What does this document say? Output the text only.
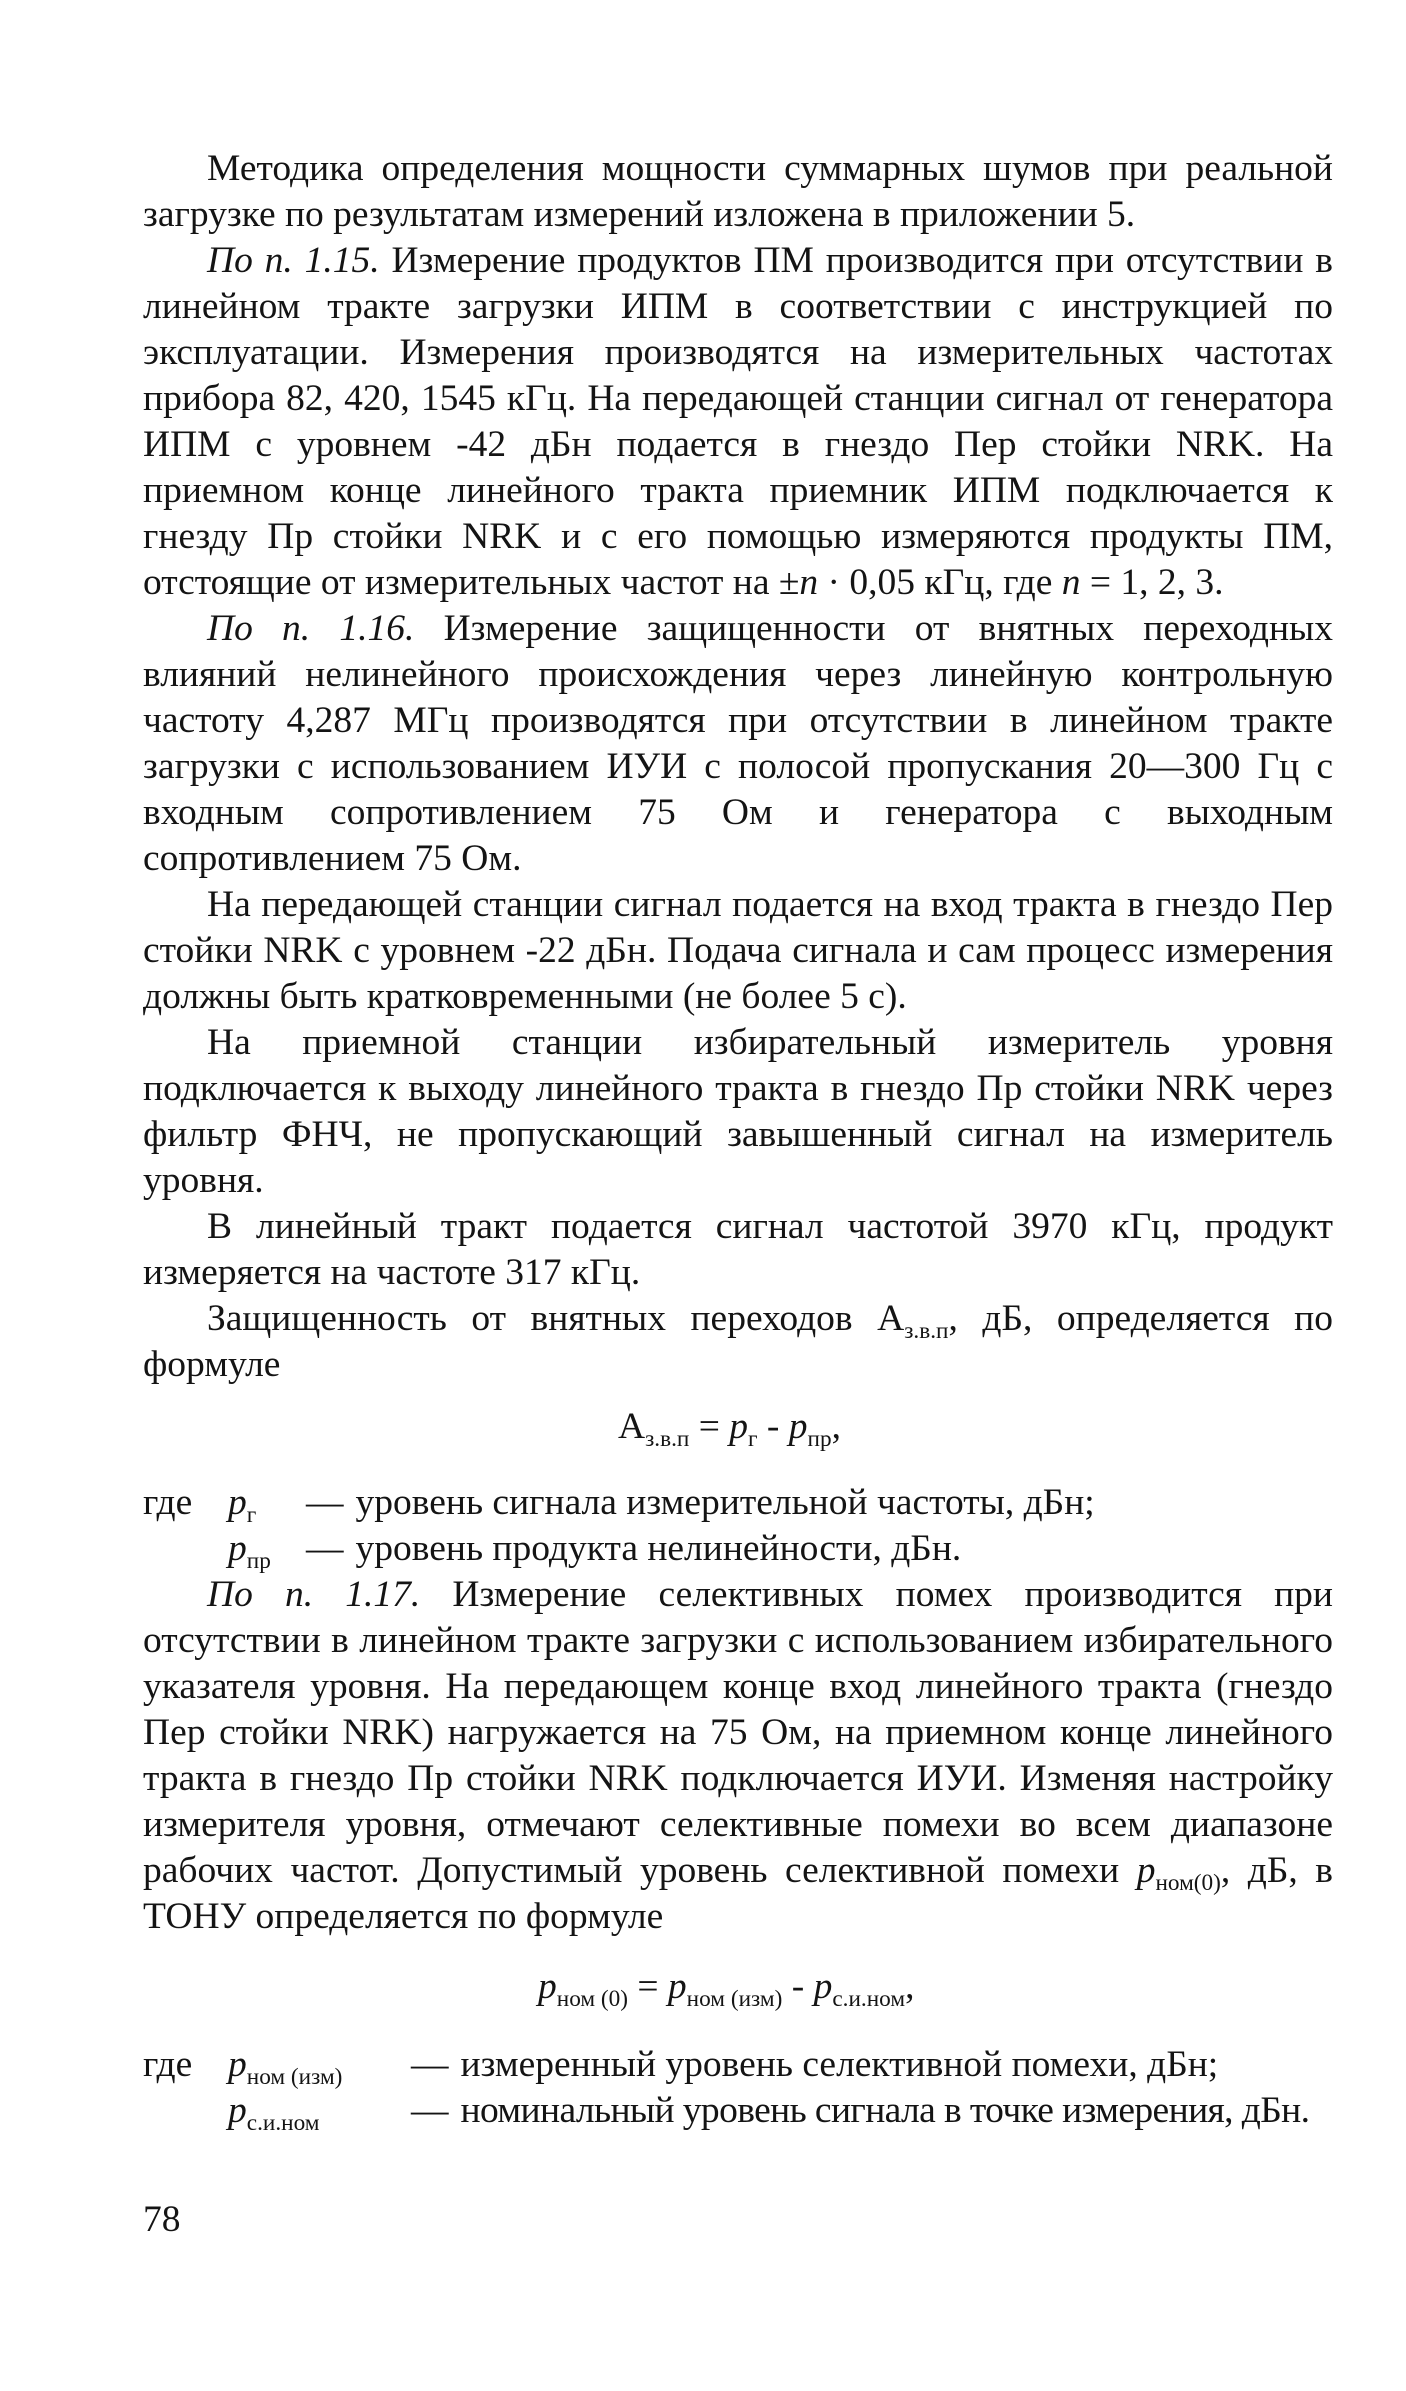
Методика определения мощности суммарных шумов при реальной загрузке по результатам измерений изложена в приложении 5.

По п. 1.15. Измерение продуктов ПМ производится при отсутствии в линейном тракте загрузки ИПМ в соответствии с инструкцией по эксплуатации. Измерения производятся на измерительных частотах прибора 82, 420, 1545 кГц. На передающей станции сигнал от генератора ИПМ с уровнем -42 дБн подается в гнездо Пер стойки NRK. На приемном конце линейного тракта приемник ИПМ подключается к гнезду Пр стойки NRK и с его помощью измеряются продукты ПМ, отстоящие от измерительных частот на ±n · 0,05 кГц, где n = 1, 2, 3.

По п. 1.16. Измерение защищенности от внятных переходных влияний нелинейного происхождения через линейную контрольную частоту 4,287 МГц производятся при отсутствии в линейном тракте загрузки с использованием ИУИ с полосой пропускания 20—300 Гц с входным сопротивлением 75 Ом и генератора с выходным сопротивлением 75 Ом.

На передающей станции сигнал подается на вход тракта в гнездо Пер стойки NRK с уровнем -22 дБн. Подача сигнала и сам процесс измерения должны быть кратковременными (не более 5 с).

На приемной станции избирательный измеритель уровня подключается к выходу линейного тракта в гнездо Пр стойки NRK через фильтр ФНЧ, не пропускающий завышенный сигнал на измеритель уровня.

В линейный тракт подается сигнал частотой 3970 кГц, продукт измеряется на частоте 317 кГц.

Защищенность от внятных переходов $A_{з.в.п}$, дБ, определяется по формуле

$A_{з.в.п} = p_г - p_{пр}$,
где $p_г$	— уровень сигнала измерительной частоты, дБн;
$p_{пр}$ — уровень продукта нелинейности, дБн.

По п. 1.17. Измерение селективных помех производится при отсутствии в линейном тракте загрузки с использованием избирательного указателя уровня. На передающем конце вход линейного тракта (гнездо Пер стойки NRK) нагружается на 75 Ом, на приемном конце линейного тракта в гнездо Пр стойки NRK подключается ИУИ. Изменяя настройку измерителя уровня, отмечают селективные помехи во всем диапазоне рабочих частот. Допустимый уровень селективной помехи $p_{ном(0)}$, дБ, в ТОНУ определяется по формуле

$p_{ном (0)} = p_{ном (изм)} - p_{с.и.ном}$,
где $p_{ном (изм)}$	— измеренный уровень селективной помехи, дБн;
$p_{с.и.ном}$	— номинальный уровень сигнала в точке измерения, дБн.
78
